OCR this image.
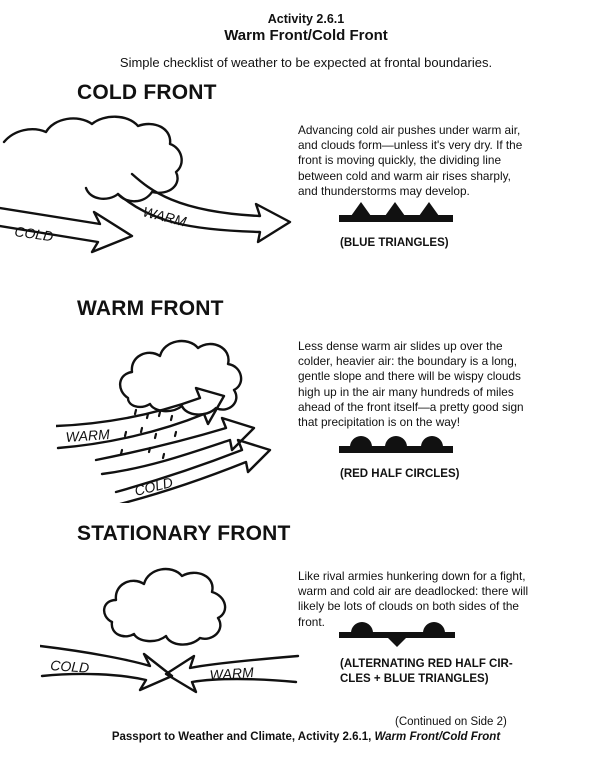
Activity 2.6.1
Warm Front/Cold Front
Simple checklist of weather to be expected at frontal boundaries.
COLD FRONT
COLD
WARM
Advancing cold air pushes under warm air, and clouds form—unless it's very dry. If the front is moving quickly, the dividing line between cold and warm air rises sharply, and thunderstorms may develop.
(BLUE TRIANGLES)
WARM FRONT
WARM
COLD
Less dense warm air slides up over the colder, heavier air: the boundary is a long, gentle slope and there will be wispy clouds high up in the air many hundreds of miles ahead of the front itself—a pretty good sign that precipitation is on the way!
(RED HALF CIRCLES)
STATIONARY FRONT
COLD	WARM
Like rival armies hunkering down for a fight, warm and cold air are deadlocked: there will likely be lots of clouds on both sides of the front.
(ALTERNATING RED HALF CIR-
CLES + BLUE TRIANGLES)
(Continued on Side 2)
Passport to Weather and Climate, Activity 2.6.1, Warm Front/Cold Front
